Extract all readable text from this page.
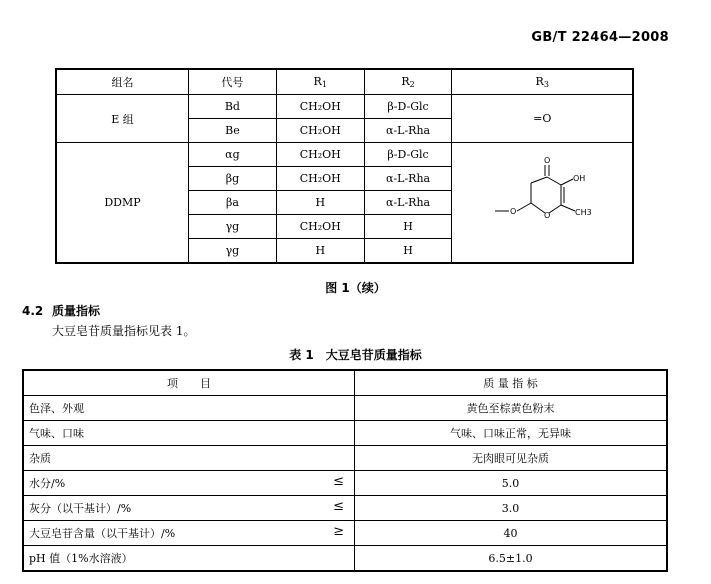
GB/T 22464—2008
组名	代号	$R_1$	$R_2$	$R_3$
E 组	Bd	CH₂OH	β-D-Glc	=O
	Be	CH₂OH	α-L-Rha	
DDMP	αg	CH₂OH	β-D-Glc	O
OH
O
O CH3

	βg	CH₂OH	α-L-Rha	
	βa	H	α-L-Rha	
	γg	CH₂OH	H	
	γg	H	H	
图 1（续）
4.2 质量指标
大豆皂苷质量指标见表 1。
表 1　大豆皂苷质量指标
项　　目	质 量 指 标
色泽、外观	黄色至棕黄色粉末
气味、口味	气味、口味正常，无异味
杂质	无肉眼可见杂质
水分/% ≤	5.0
灰分（以干基计）/% ≤	3.0
大豆皂苷含量（以干基计）/% ≥	40
pH 值（1%水溶液）	6.5±1.0
